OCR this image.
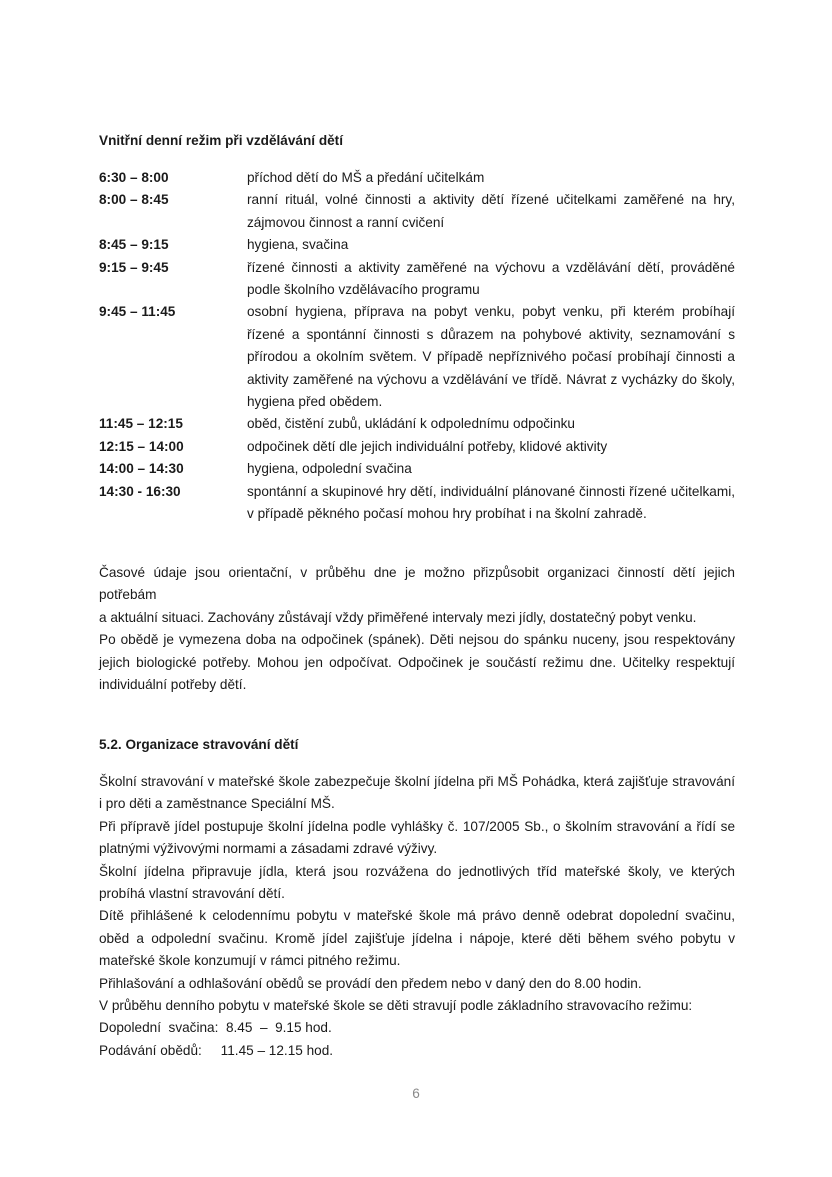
Vnitřní denní režim při vzdělávání dětí
6:30 – 8:00	příchod dětí do MŠ a předání učitelkám
8:00 – 8:45	ranní rituál, volné činnosti a aktivity dětí řízené učitelkami zaměřené na hry, zájmovou činnost a ranní cvičení
8:45 – 9:15	hygiena, svačina
9:15 – 9:45	řízené činnosti a aktivity zaměřené na výchovu a vzdělávání dětí, prováděné podle školního vzdělávacího programu
9:45 – 11:45	osobní hygiena, příprava na pobyt venku, pobyt venku, při kterém probíhají řízené a spontánní činnosti s důrazem na pohybové aktivity, seznamování s přírodou a okolním světem. V případě nepříznivého počasí probíhají činnosti a aktivity zaměřené na výchovu a vzdělávání ve třídě. Návrat z vycházky do školy, hygiena před obědem.
11:45 – 12:15	oběd, čistění zubů, ukládání k odpolednímu odpočinku
12:15 – 14:00	odpočinek dětí dle jejich individuální potřeby, klidové aktivity
14:00 – 14:30	hygiena, odpolední svačina
14:30 - 16:30	spontánní a skupinové hry dětí, individuální plánované činnosti řízené učitelkami, v případě pěkného počasí mohou hry probíhat i na školní zahradě.

Časové údaje jsou orientační, v průběhu dne je možno přizpůsobit organizaci činností dětí jejich potřebám

a aktuální situaci. Zachovány zůstávají vždy přiměřené intervaly mezi jídly, dostatečný pobyt venku.

Po obědě je vymezena doba na odpočinek (spánek). Děti nejsou do spánku nuceny, jsou respektovány jejich biologické potřeby. Mohou jen odpočívat. Odpočinek je součástí režimu dne. Učitelky respektují individuální potřeby dětí.

5.2. Organizace stravování dětí

Školní stravování v mateřské škole zabezpečuje školní jídelna při MŠ Pohádka, která zajišťuje stravování i pro děti a zaměstnance Speciální MŠ.

Při přípravě jídel postupuje školní jídelna podle vyhlášky č. 107/2005 Sb., o školním stravování a řídí se platnými výživovými normami a zásadami zdravé výživy.

Školní jídelna připravuje jídla, která jsou rozvážena do jednotlivých tříd mateřské školy, ve kterých probíhá vlastní stravování dětí.

Dítě přihlášené k celodennímu pobytu v mateřské škole má právo denně odebrat dopolední svačinu, oběd a odpolední svačinu. Kromě jídel zajišťuje jídelna i nápoje, které děti během svého pobytu v mateřské škole konzumují v rámci pitného režimu.

Přihlašování a odhlašování obědů se provádí den předem nebo v daný den do 8.00 hodin.

V průběhu denního pobytu v mateřské škole se děti stravují podle základního stravovacího režimu:

Dopolední  svačina:  8.45  –  9.15 hod.

Podávání obědů:     11.45 – 12.15 hod.

6
